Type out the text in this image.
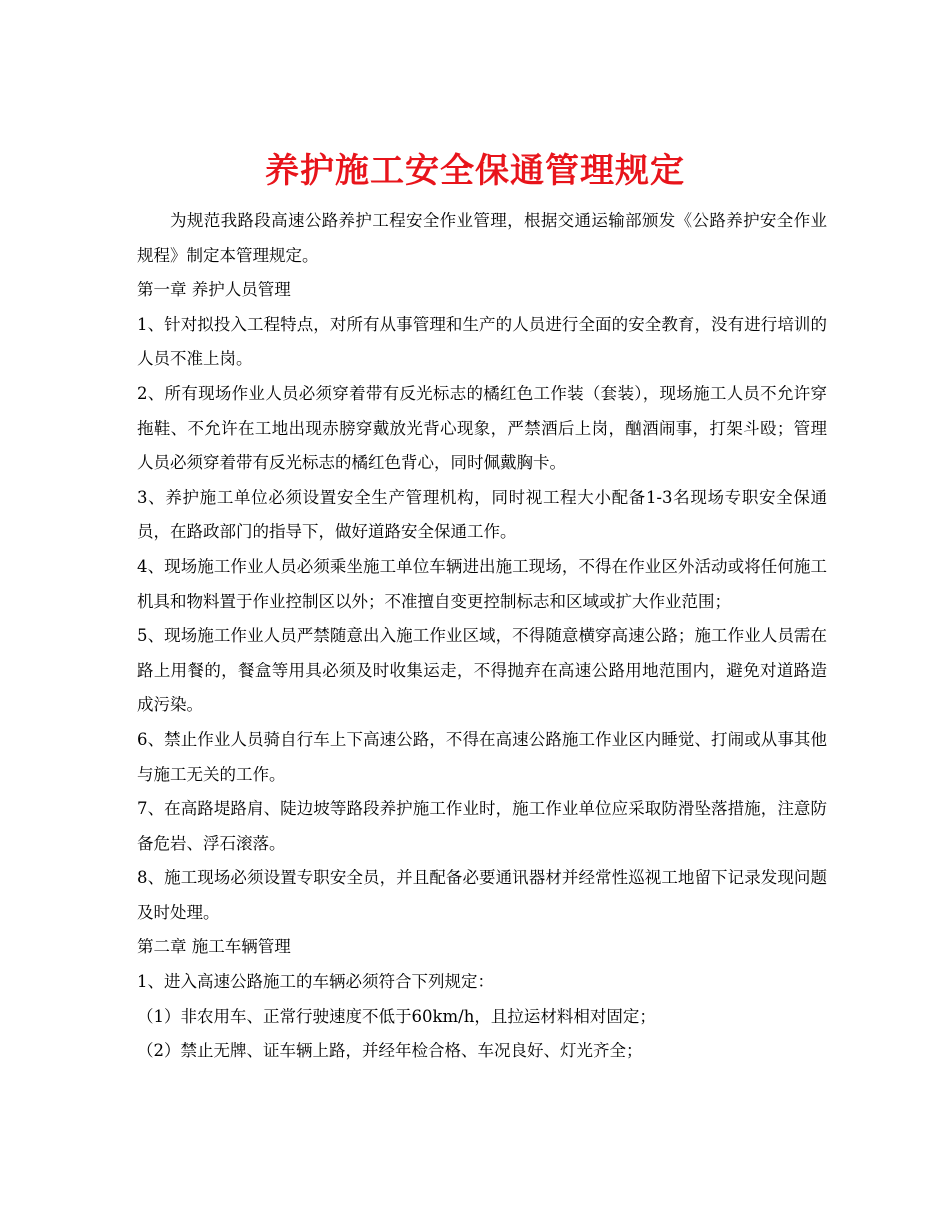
养护施工安全保通管理规定

为规范我路段高速公路养护工程安全作业管理，根据交通运输部颁发《公路养护安全作业规程》制定本管理规定。

第一章 养护人员管理

1、针对拟投入工程特点，对所有从事管理和生产的人员进行全面的安全教育，没有进行培训的人员不准上岗。

2、所有现场作业人员必须穿着带有反光标志的橘红色工作装（套装），现场施工人员不允许穿拖鞋、不允许在工地出现赤膀穿戴放光背心现象，严禁酒后上岗，酗酒闹事，打架斗殴；管理人员必须穿着带有反光标志的橘红色背心，同时佩戴胸卡。

3、养护施工单位必须设置安全生产管理机构，同时视工程大小配备1-3名现场专职安全保通员，在路政部门的指导下，做好道路安全保通工作。

4、现场施工作业人员必须乘坐施工单位车辆进出施工现场，不得在作业区外活动或将任何施工机具和物料置于作业控制区以外；不准擅自变更控制标志和区域或扩大作业范围；

5、现场施工作业人员严禁随意出入施工作业区域，不得随意横穿高速公路；施工作业人员需在路上用餐的，餐盒等用具必须及时收集运走，不得抛弃在高速公路用地范围内，避免对道路造成污染。

6、禁止作业人员骑自行车上下高速公路，不得在高速公路施工作业区内睡觉、打闹或从事其他与施工无关的工作。

7、在高路堤路肩、陡边坡等路段养护施工作业时，施工作业单位应采取防滑坠落措施，注意防备危岩、浮石滚落。

8、施工现场必须设置专职安全员，并且配备必要通讯器材并经常性巡视工地留下记录发现问题及时处理。

第二章 施工车辆管理

1、进入高速公路施工的车辆必须符合下列规定：

（1）非农用车、正常行驶速度不低于60km/h，且拉运材料相对固定；

（2）禁止无牌、证车辆上路，并经年检合格、车况良好、灯光齐全；
